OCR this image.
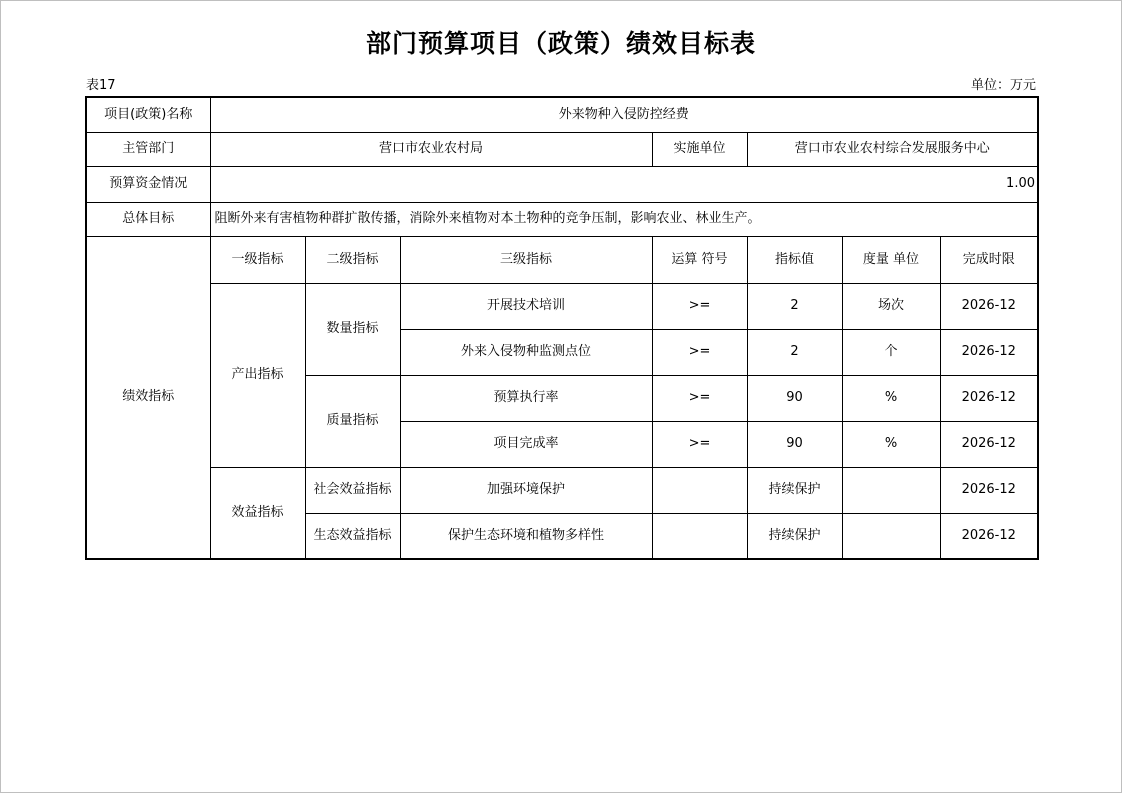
部门预算项目（政策）绩效目标表
表17	单位：万元
项目(政策)名称	外来物种入侵防控经费						
主管部门	营口市农业农村局			实施单位	营口市农业农村综合发展服务中心		
预算资金情况	1.00						
总体目标	阻断外来有害植物种群扩散传播，消除外来植物对本土物种的竞争压制，影响农业、林业生产。						
绩效指标	一级指标	二级指标	三级指标	运算 符号	指标值	度量 单位	完成时限
	产出指标	数量指标	开展技术培训	>=	2	场次	2026-12
			外来入侵物种监测点位	>=	2	个	2026-12
		质量指标	预算执行率	>=	90	%	2026-12
			项目完成率	>=	90	%	2026-12
	效益指标	社会效益指标	加强环境保护		持续保护		2026-12
		生态效益指标	保护生态环境和植物多样性		持续保护		2026-12
